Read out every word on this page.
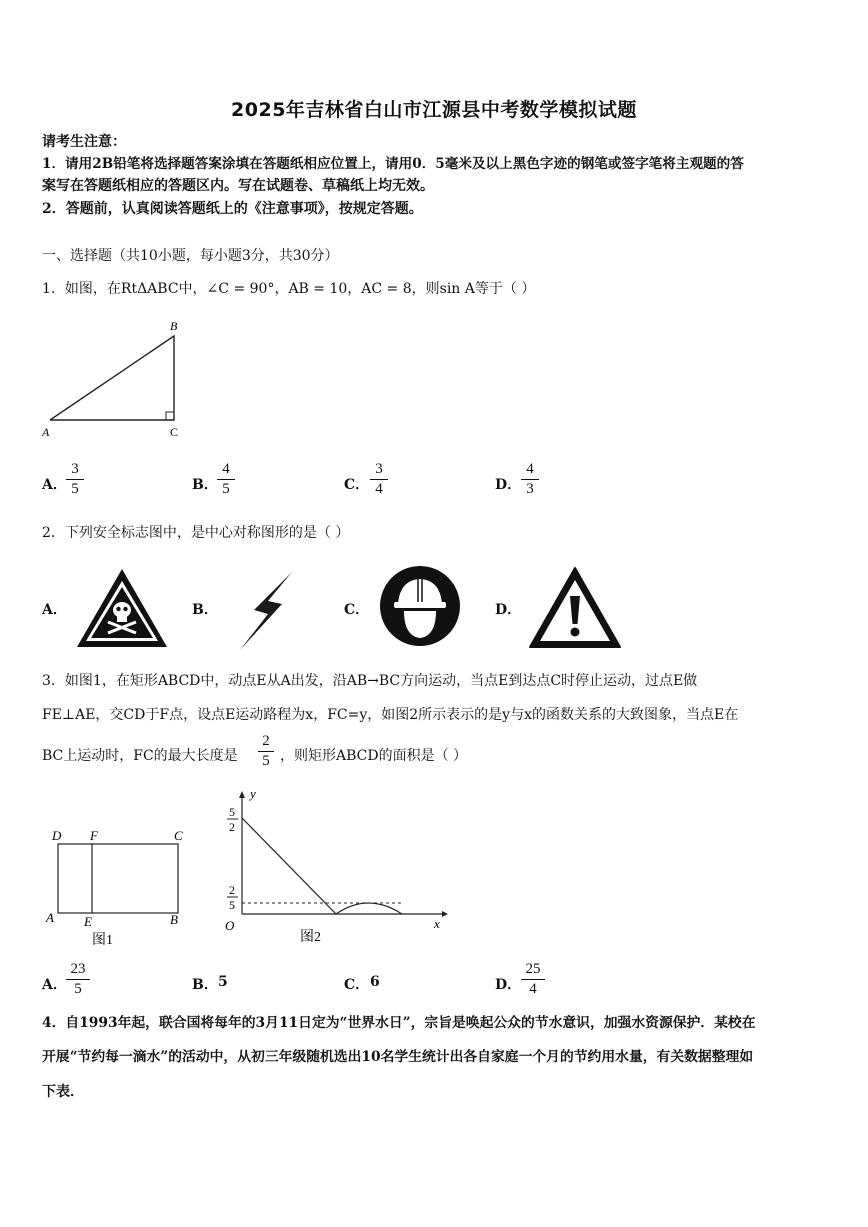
2025年吉林省白山市江源县中考数学模拟试题
请考生注意：
1．请用2B铅笔将选择题答案涂填在答题纸相应位置上，请用0．5毫米及以上黑色字迹的钢笔或签字笔将主观题的答
案写在答题纸相应的答题区内。写在试题卷、草稿纸上均无效。
2．答题前，认真阅读答题纸上的《注意事项》，按规定答题。
一、选择题（共10小题，每小题3分，共30分）
1．如图，在RtΔABC中，∠C = 90°，AB = 10，AC = 8，则sin A等于（ ）
B
A	C
A．
3
5	B．
4
5	C．
3
4	D．
4
3
2．下列安全标志图中，是中心对称图形的是（ ）
A．	B．	C．	D．
3．如图1，在矩形ABCD中，动点E从A出发，沿AB→BC方向运动，当点E到达点C时停止运动，过点E做
FE⊥AE，交CD于F点，设点E运动路程为x，FC=y，如图2所示表示的是y与x的函数关系的大致图象，当点E在
BC上运动时，FC的最大长度是
2
5 ，则矩形ABCD的面积是（ ）
D F	C
A E	B
图1
y
x
O
5
2
2
5
图2
A．
23
5	B． 5	C． 6	D．
25
4
4．自1993年起，联合国将每年的3月11日定为“世界水日”，宗旨是唤起公众的节水意识，加强水资源保护．某校在
开展“节约每一滴水”的活动中，从初三年级随机选出10名学生统计出各自家庭一个月的节约用水量，有关数据整理如
下表．
